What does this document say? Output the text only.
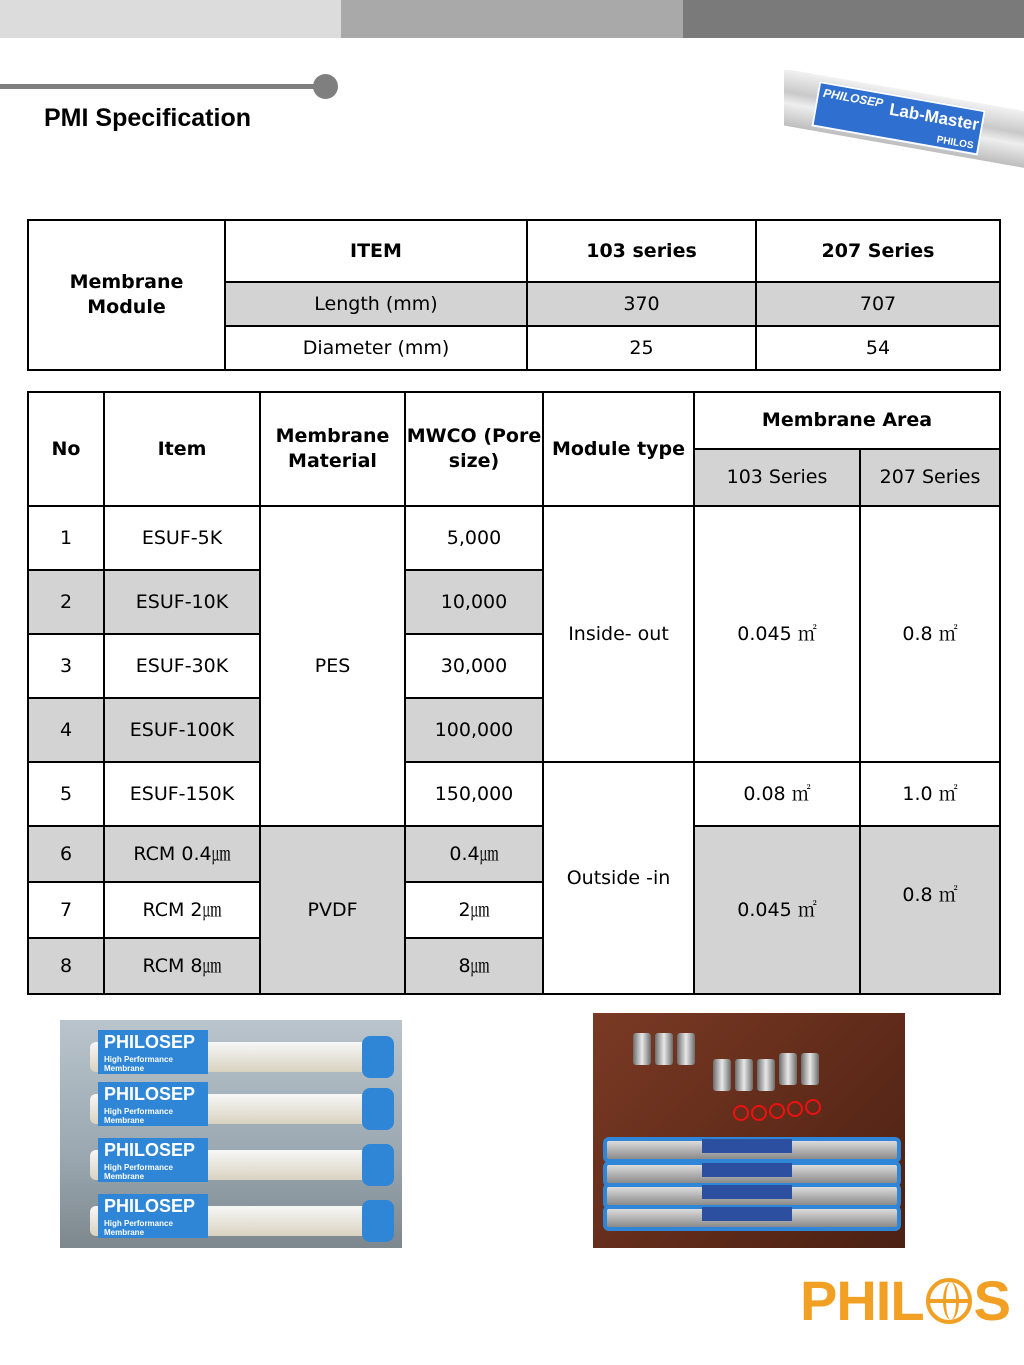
PMI Specification
PHILOSEP
Lab-Master
PHILOS
Membrane Module	ITEM	103 series	207 Series
	Length (mm)	370	707
	Diameter (mm)	25	54
No	Item	Membrane Material	MWCO (Pore size)	Module type	Membrane Area	
					103 Series	207 Series
1	ESUF-5K	PES	5,000	Inside- out	0.045 ㎡	0.8 ㎡
2	ESUF-10K		10,000			
3	ESUF-30K		30,000			
4	ESUF-100K		100,000			
5	ESUF-150K		150,000	Outside -in	0.08 ㎡	1.0 ㎡
6	RCM 0.4㎛	PVDF	0.4㎛		0.045 ㎡	0.8 ㎡
7	RCM 2㎛		2㎛			
8	RCM 8㎛		8㎛			
PHILOSEP
High Performance Membrane
PHILOSEP
High Performance Membrane
PHILOSEP
High Performance Membrane
PHILOSEP
High Performance Membrane
PHIL S
